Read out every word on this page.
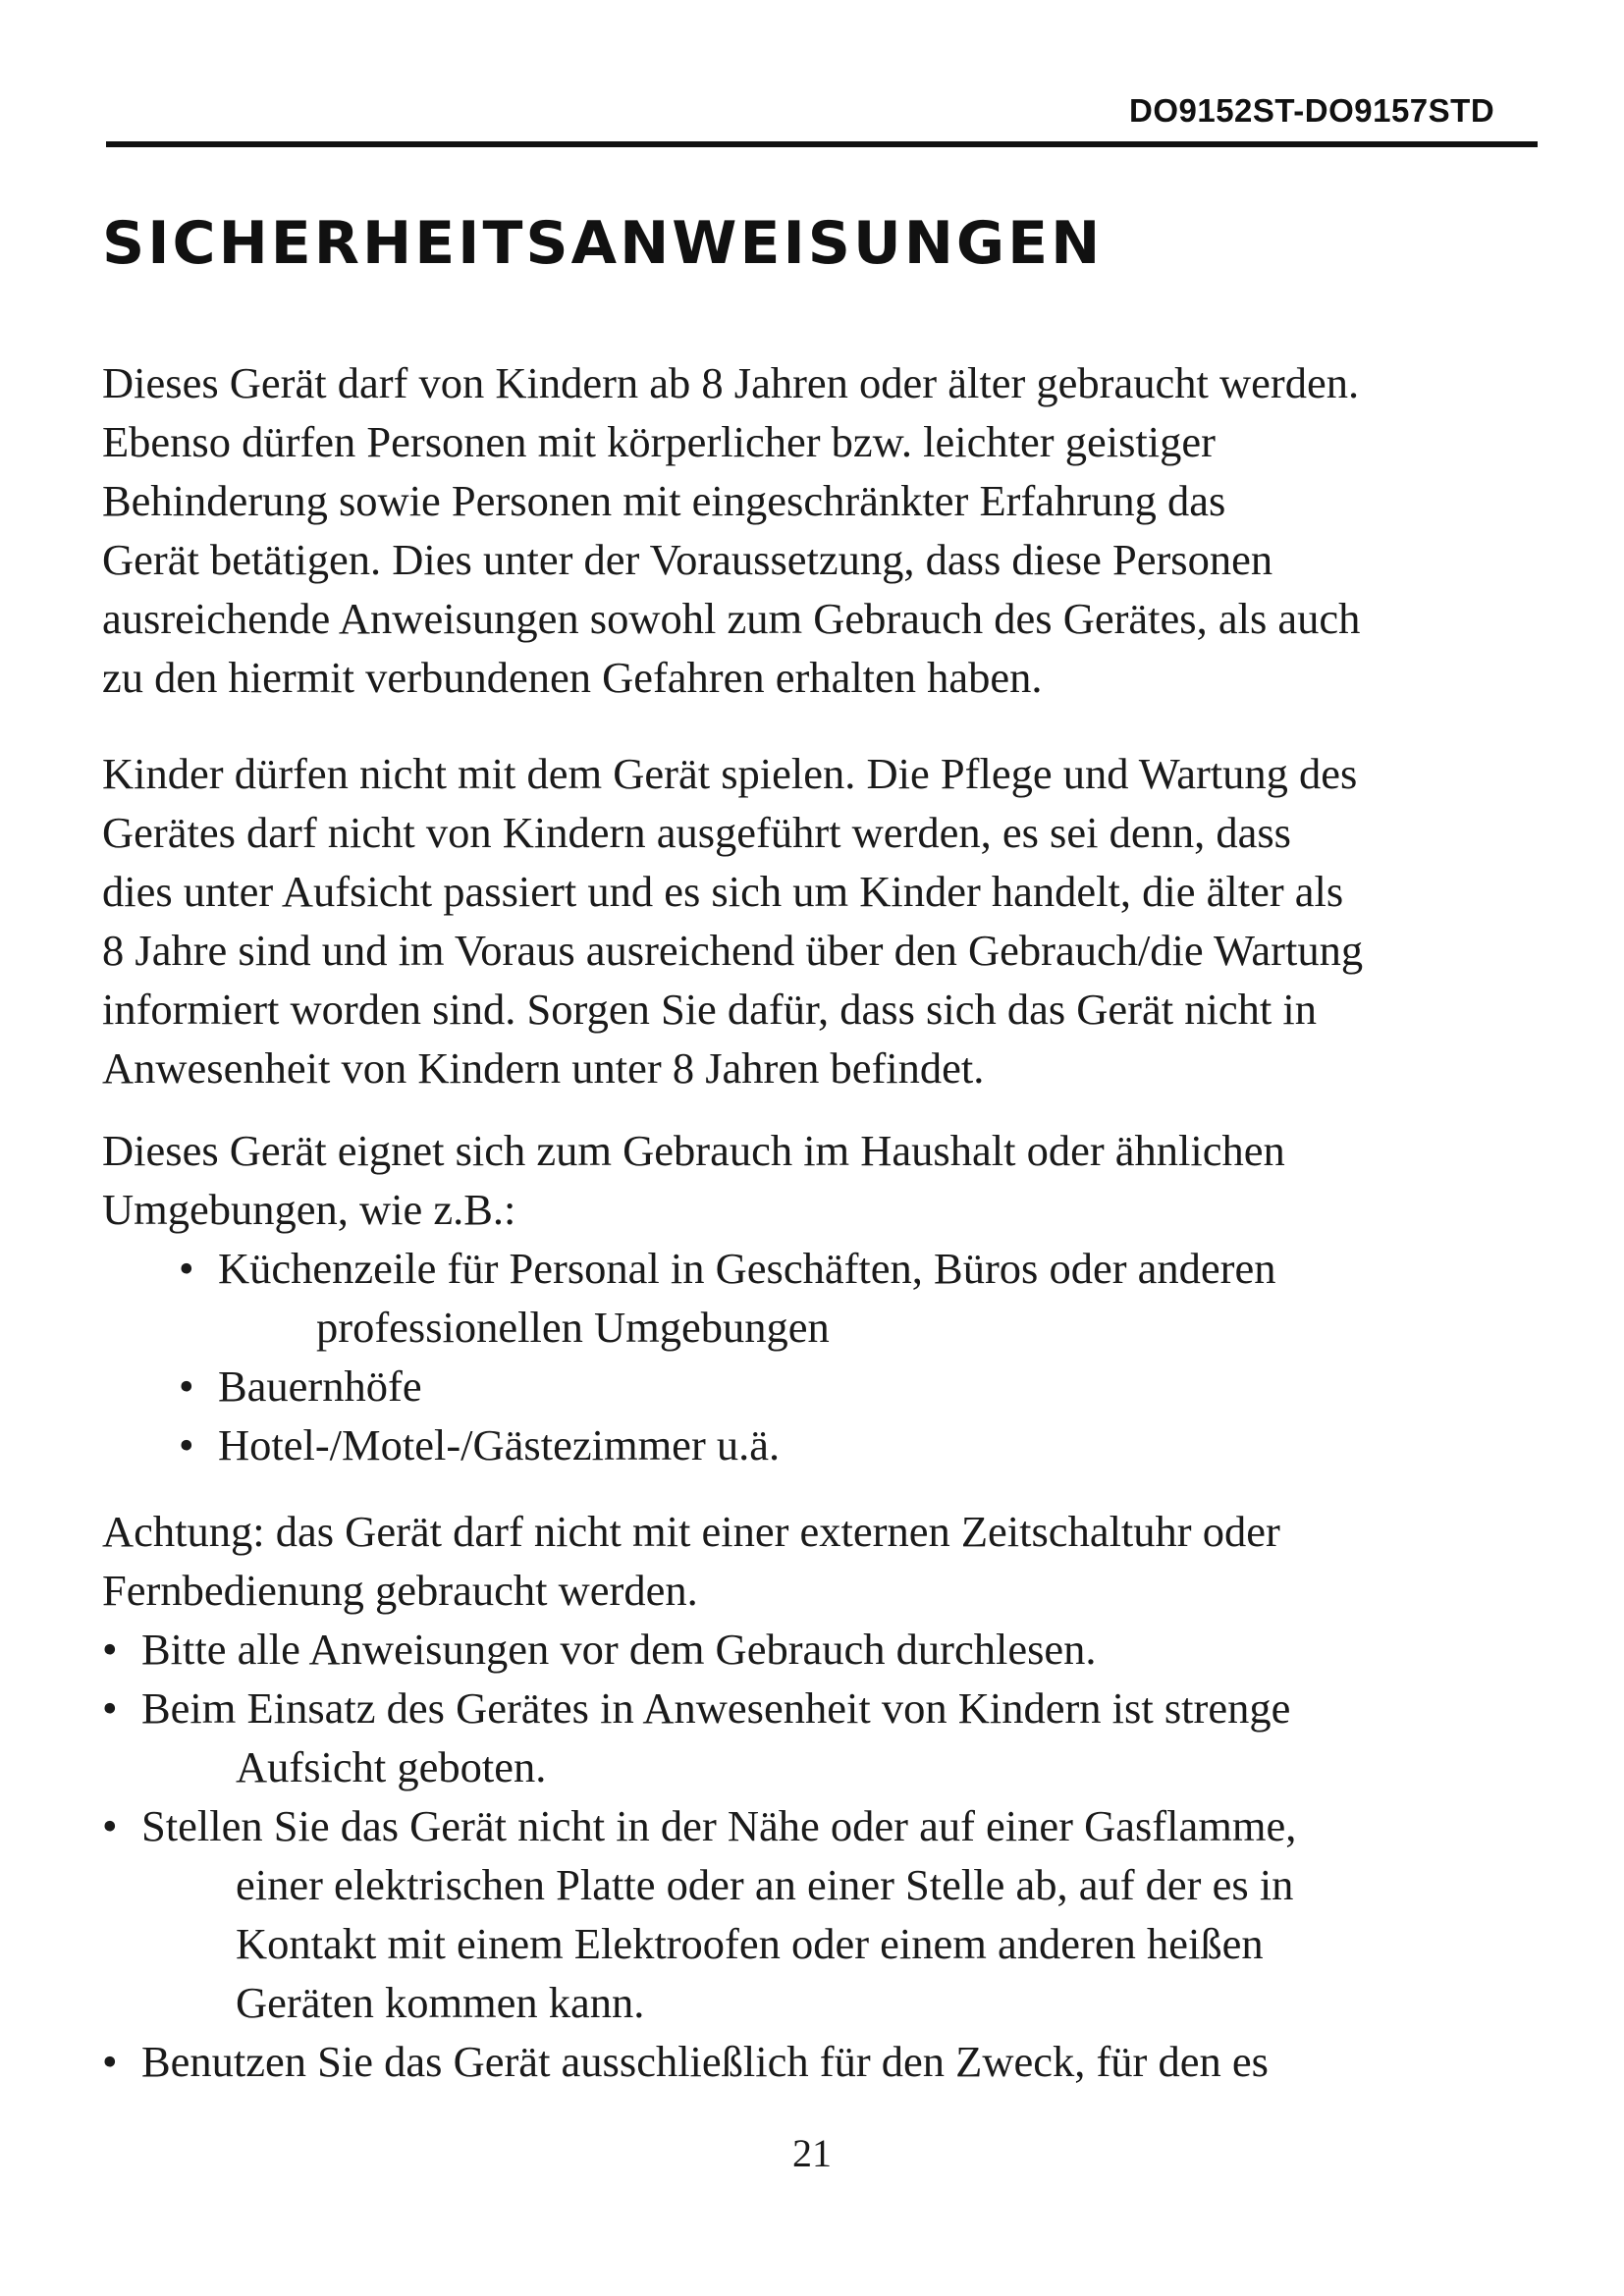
DO9152ST-DO9157STD
sicherheitsanweisungen
Dieses Gerät darf von Kindern ab 8 Jahren oder älter gebraucht werden.
Ebenso dürfen Personen mit körperlicher bzw. leichter geistiger
Behinderung sowie Personen mit eingeschränkter Erfahrung das
Gerät betätigen. Dies unter der Voraussetzung, dass diese Personen
ausreichende Anweisungen sowohl zum Gebrauch des Gerätes, als auch
zu den hiermit verbundenen Gefahren erhalten haben.
Kinder dürfen nicht mit dem Gerät spielen. Die Pflege und Wartung des
Gerätes darf nicht von Kindern ausgeführt werden, es sei denn, dass
dies unter Aufsicht passiert und es sich um Kinder handelt, die älter als
8 Jahre sind und im Voraus ausreichend über den Gebrauch/die Wartung
informiert worden sind. Sorgen Sie dafür, dass sich das Gerät nicht in
Anwesenheit von Kindern unter 8 Jahren befindet.
Dieses Gerät eignet sich zum Gebrauch im Haushalt oder ähnlichen
Umgebungen, wie z.B.:
• Küchenzeile für Personal in Geschäften, Büros oder anderen
professionellen Umgebungen
• Bauernhöfe
• Hotel-/Motel-/Gästezimmer u.ä.
Achtung: das Gerät darf nicht mit einer externen Zeitschaltuhr oder
Fernbedienung gebraucht werden.
• Bitte alle Anweisungen vor dem Gebrauch durchlesen.
• Beim Einsatz des Gerätes in Anwesenheit von Kindern ist strenge
Aufsicht geboten.
• Stellen Sie das Gerät nicht in der Nähe oder auf einer Gasflamme,
einer elektrischen Platte oder an einer Stelle ab, auf der es in
Kontakt mit einem Elektroofen oder einem anderen heißen
Geräten kommen kann.
• Benutzen Sie das Gerät ausschließlich für den Zweck, für den es
21
